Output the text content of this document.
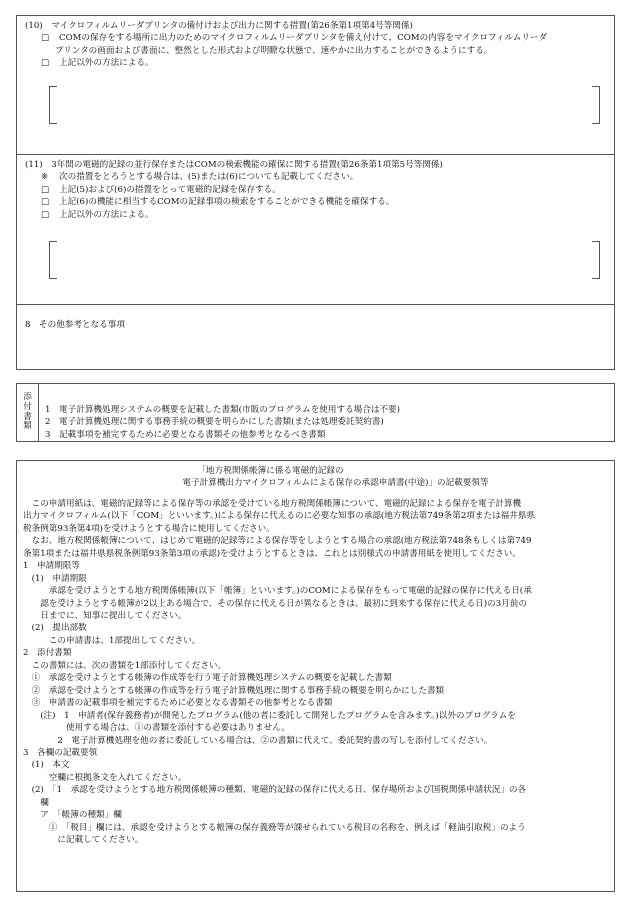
(10)　マイクロフィルムリーダプリンタの備付けおよび出力に関する措置(第26条第1項第4号等関係)
□ COMの保存をする場所に出力のためのマイクロフィルムリーダプリンタを備え付けて、COMの内容をマイクロフィルムリーダ
プリンタの画面および書面に、整然とした形式および明瞭な状態で、速やかに出力することができるようにする。
□ 上記以外の方法による。
(11)　3年間の電磁的記録の並行保存またはCOMの検索機能の確保に関する措置(第26条第1項第5号等関係)
※ 次の措置をとろうとする場合は、(5)または(6)についても記載してください。
□ 上記(5)および(6)の措置をとって電磁的記録を保存する。
□ 上記(6)の機能に相当するCOMの記録事項の検索をすることができる機能を確保する。
□ 上記以外の方法による。
8　その他参考となる事項
添
付
書
類
1　電子計算機処理システムの概要を記載した書類(市販のプログラムを使用する場合は不要)
2　電子計算機処理に関する事務手続の概要を明らかにした書類(または処理委託契約書)
3　記載事項を補完するために必要となる書類その他参考となるべき書類
「地方税関係帳簿に係る電磁的記録の
電子計算機出力マイクロフィルムによる保存の承認申請書(中途)」の記載要領等
　この申請用紙は、電磁的記録等による保存等の承認を受けている地方税関係帳簿について、電磁的記録による保存を電子計算機
出力マイクロフィルム(以下「COM」といいます。)による保存に代えるのに必要な知事の承認(地方税法第749条第2項または福井県県
税条例第93条第4項)を受けようとする場合に使用してください。
　なお、地方税関係帳簿について、はじめて電磁的記録等による保存等をしようとする場合の承認(地方税法第748条もしくは第749
条第1項または福井県県税条例第93条第3項の承認)を受けようとするときは、これとは別様式の申請書用紙を使用してください。
1　申請期限等
　(1)　申請期限
　　　承認を受けようとする地方税関係帳簿(以下「帳簿」といいます。)のCOMによる保存をもって電磁的記録の保存に代える日(承
　　認を受けようとする帳簿が2以上ある場合で、その保存に代える日が異なるときは、最初に到来する保存に代える日)の3月前の
　　日までに、知事に提出してください。
　(2)　提出部数
　　　この申請書は、1部提出してください。
2　添付書類
　この書類には、次の書類を1部添付してください。
　①　承認を受けようとする帳簿の作成等を行う電子計算機処理システムの概要を記載した書類
　②　承認を受けようとする帳簿の作成等を行う電子計算機処理に関する事務手続の概要を明らかにした書類
　③　申請書の記載事項を補完するために必要となる書類その他参考となる書類
　　(注)　1　申請者(保存義務者)が開発したプログラム(他の者に委託して開発したプログラムを含みます。)以外のプログラムを
　　　　　使用する場合は、①の書類を添付する必要はありません。
　　　　2　電子計算機処理を他の者に委託している場合は、②の書類に代えて、委託契約書の写しを添付してください。
3　各欄の記載要領
　(1)　本文
　　　空欄に根拠条文を入れてください。
　(2)　「1　承認を受けようとする地方税関係帳簿の種類、電磁的記録の保存に代える日、保存場所および国税関係申請状況」の各
　　欄
　　ア　「帳簿の種類」欄
　　　①　「税目」欄には、承認を受けようとする帳簿の保存義務等が課せられている税目の名称を、例えば「軽油引取税」のよう
　　　　に記載してください。
